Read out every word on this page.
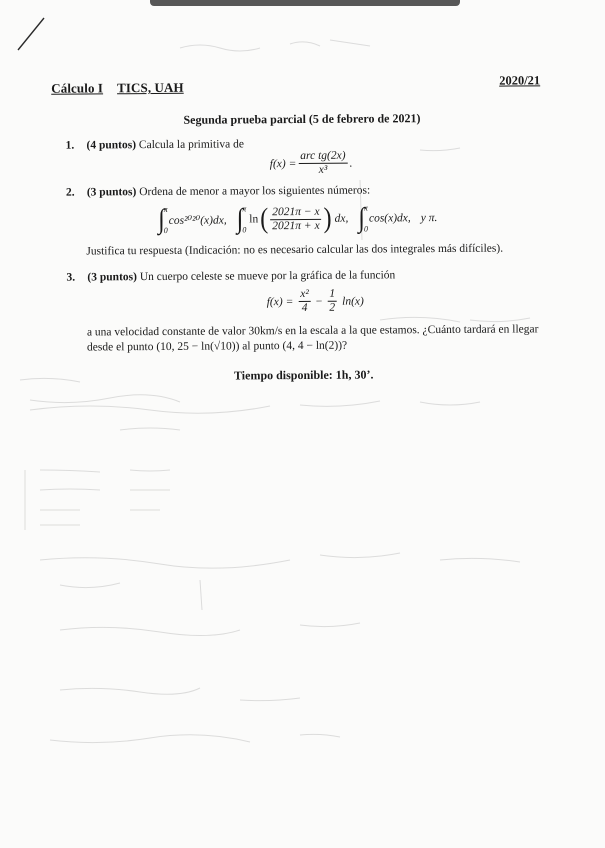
Cálculo I TICS, UAH	2020/21
Segunda prueba parcial (5 de febrero de 2021)
1. (4 puntos) Calcula la primitiva de
$f(x) = \frac{\text{arc tg(2x)}}{\text{x³}}$ .
2. (3 puntos) Ordena de menor a mayor los siguientes números:
∫
π
0
cos²⁰²⁰(x)dx, ∫
π
0
ln ( $\frac{2021\pi - x}{2021\pi + x}$ ) dx, ∫
π
0
cos(x)dx, y π.
Justifica tu respuesta (Indicación: no es necesario calcular las dos integrales más difíciles).
3. (3 puntos) Un cuerpo celeste se mueve por la gráfica de la función
$f(x) = \frac{\text{x²}}{4} - \frac{1}{2} \ln(x)$
a una velocidad constante de valor 30km/s en la escala a la que estamos. ¿Cuánto tardará en llegar
desde el punto (10, 25 − ln(√10)) al punto (4, 4 − ln(2))?
Tiempo disponible: 1h, 30’.
